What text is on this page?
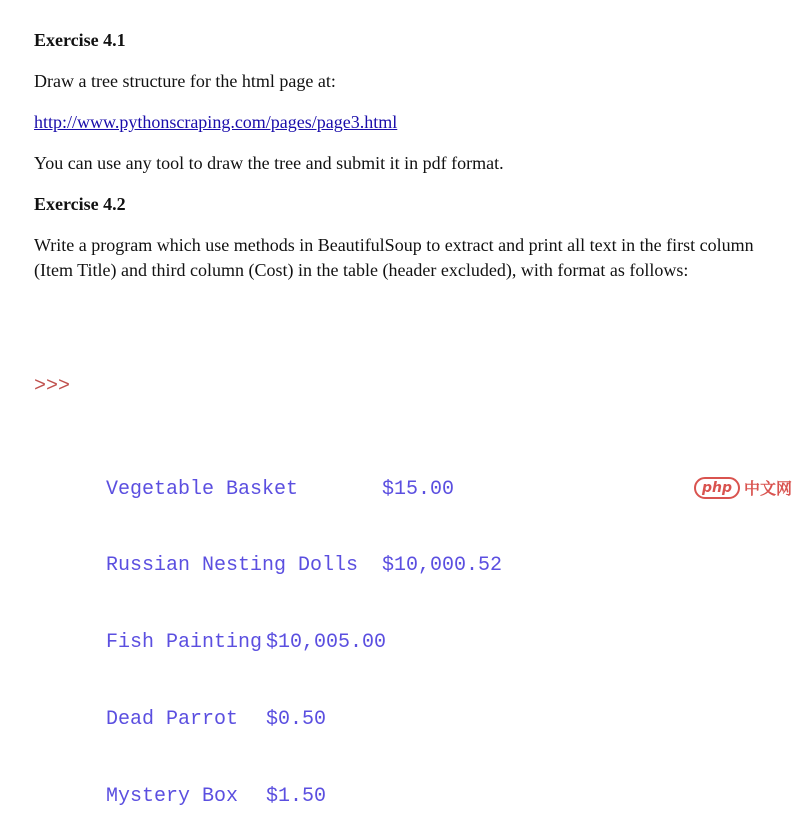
Exercise 4.1
Draw a tree structure for the html page at:
http://www.pythonscraping.com/pages/page3.html
You can use any tool to draw the tree and submit it in pdf format.
Exercise 4.2
Write a program which use methods in BeautifulSoup to extract and print all text in the first column (Item Title) and third column (Cost) in the table (header excluded), with format as follows:

>>>

Vegetable Basket	$15.00

Russian Nesting Dolls $10,000.52

Fish Painting $10,005.00

Dead Parrot $0.50

Mystery Box $1.50

php 中文网
